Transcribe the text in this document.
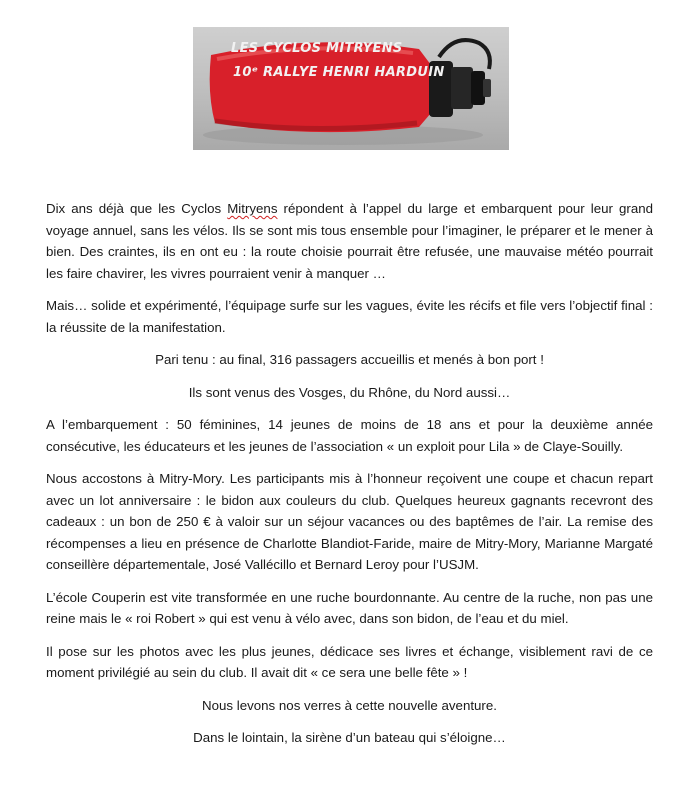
LES CYCLOS MITRYENS
10ᵉ RALLYE HENRI HARDUIN

Dix ans déjà que les Cyclos Mitryens répondent à l’appel du large et embarquent pour leur grand voyage annuel, sans les vélos. Ils se sont mis tous ensemble pour l’imaginer, le préparer et le mener à bien. Des craintes, ils en ont eu : la route choisie pourrait être refusée, une mauvaise météo pourrait les faire chavirer, les vivres pourraient venir à manquer …

Mais… solide et expérimenté, l’équipage surfe sur les vagues, évite les récifs et file vers l’objectif final : la réussite de la manifestation.

Pari tenu : au final, 316 passagers accueillis et menés à bon port !

Ils sont venus des Vosges, du Rhône, du Nord aussi…

A l’embarquement : 50 féminines, 14 jeunes de moins de 18 ans et pour la deuxième année consécutive, les éducateurs et les jeunes de l’association « un exploit pour Lila » de Claye-Souilly.

Nous accostons à Mitry-Mory. Les participants mis à l’honneur reçoivent une coupe et chacun repart avec un lot anniversaire : le bidon aux couleurs du club. Quelques heureux gagnants recevront des cadeaux : un bon de 250 € à valoir sur un séjour vacances ou des baptêmes de l’air. La remise des récompenses a lieu en présence de Charlotte Blandiot-Faride, maire de Mitry-Mory, Marianne Margaté conseillère départementale, José Vallécillo et Bernard Leroy pour l’USJM.

L’école Couperin est vite transformée en une ruche bourdonnante. Au centre de la ruche, non pas une reine mais le « roi Robert » qui est venu à vélo avec, dans son bidon, de l’eau et du miel.

Il pose sur les photos avec les plus jeunes, dédicace ses livres et échange, visiblement ravi de ce moment privilégié au sein du club. Il avait dit « ce sera une belle fête » !

Nous levons nos verres à cette nouvelle aventure.

Dans le lointain, la sirène d’un bateau qui s’éloigne…
